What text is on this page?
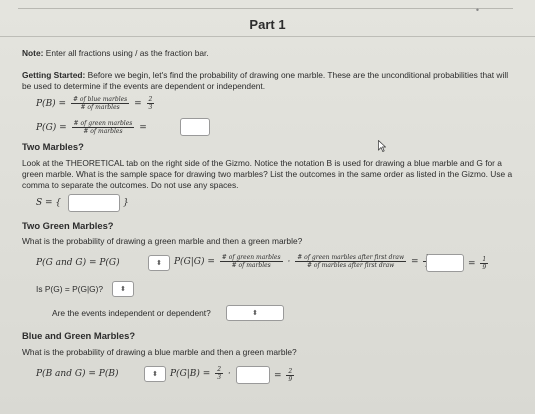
•
Part 1
Note: Enter all fractions using / as the fraction bar.
Getting Started: Before we begin, let's find the probability of drawing one marble. These are the unconditional probabilities that will
be used to determine if the events are dependent or independent.
$P(B) = \frac{\text{\# of blue marbles}}{\text{\# of marbles}} = \frac{2}{3}$
$P(G) = \frac{\text{\# of green marbles}}{\text{\# of marbles}}$ =
Two Marbles?
Look at the THEORETICAL tab on the right side of the Gizmo. Notice the notation B is used for drawing a blue marble and G for a
green marble. What is the sample space for drawing two marbles? List the outcomes in the same order as listed in the Gizmo. Use a
comma to separate the outcomes. Do not use any spaces.
S = {	}
Two Green Marbles?
What is the probability of drawing a green marble and then a green marble?
P(G and G) = P(G)	⬍ $P(G|G) = \frac{\text{\# of green marbles}}{\text{\# of marbles}} \cdot \frac{\text{\# of green marbles after first draw}}{\text{\# of marbles after first draw}}$ =	= $\frac{1}{9}$
Is P(G) = P(G|G)? ⬍
Are the events independent or dependent?	⬍
Blue and Green Marbles?
What is the probability of drawing a blue marble and then a green marble?
P(B and G) = P(B)	⬍ $P(G|B) = \frac{2}{3}$ ·	= $\frac{2}{9}$
